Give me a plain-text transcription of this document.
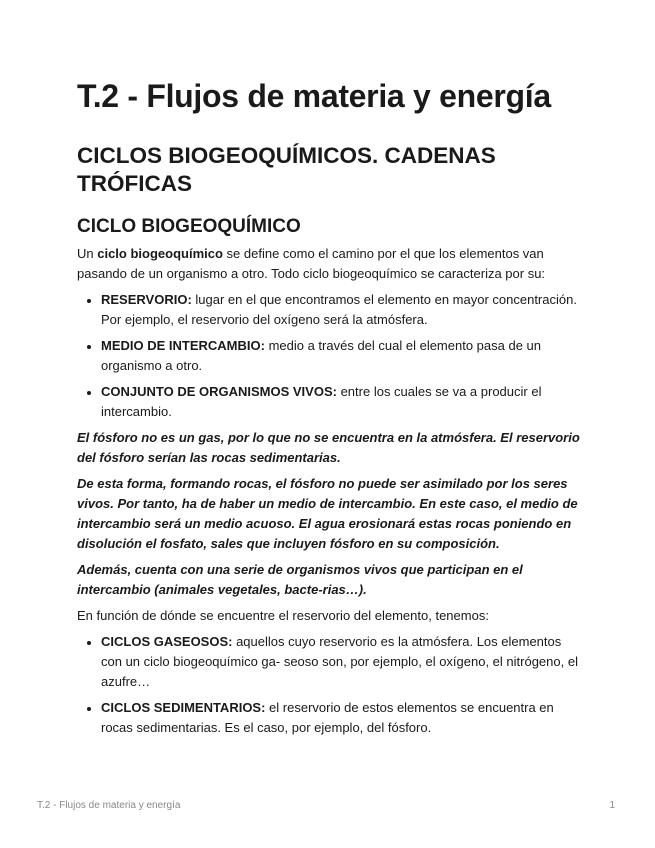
T.2 - Flujos de materia y energía
CICLOS BIOGEOQUÍMICOS. CADENAS TRÓFICAS
CICLO BIOGEOQUÍMICO

Un ciclo biogeoquímico se define como el camino por el que los elementos van pasando de un organismo a otro. Todo ciclo biogeoquímico se caracteriza por su:

• RESERVORIO: lugar en el que encontramos el elemento en mayor concentración. Por ejemplo, el reservorio del oxígeno será la atmósfera.
• MEDIO DE INTERCAMBIO: medio a través del cual el elemento pasa de un organismo a otro.
• CONJUNTO DE ORGANISMOS VIVOS: entre los cuales se va a producir el intercambio.

El fósforo no es un gas, por lo que no se encuentra en la atmósfera. El reservorio del fósforo serían las rocas sedimentarias.

De esta forma, formando rocas, el fósforo no puede ser asimilado por los seres vivos. Por tanto, ha de haber un medio de intercambio. En este caso, el medio de intercambio será un medio acuoso. El agua erosionará estas rocas poniendo en disolución el fosfato, sales que incluyen fósforo en su composición.

Además, cuenta con una serie de organismos vivos que participan en el intercambio (animales vegetales, bacte-rias…).

En función de dónde se encuentre el reservorio del elemento, tenemos:

• CICLOS GASEOSOS: aquellos cuyo reservorio es la atmósfera. Los elementos con un ciclo biogeoquímico ga- seoso son, por ejemplo, el oxígeno, el nitrógeno, el azufre…
• CICLOS SEDIMENTARIOS: el reservorio de estos elementos se encuentra en rocas sedimentarias. Es el caso, por ejemplo, del fósforo.
T.2 - Flujos de materia y energía	1
